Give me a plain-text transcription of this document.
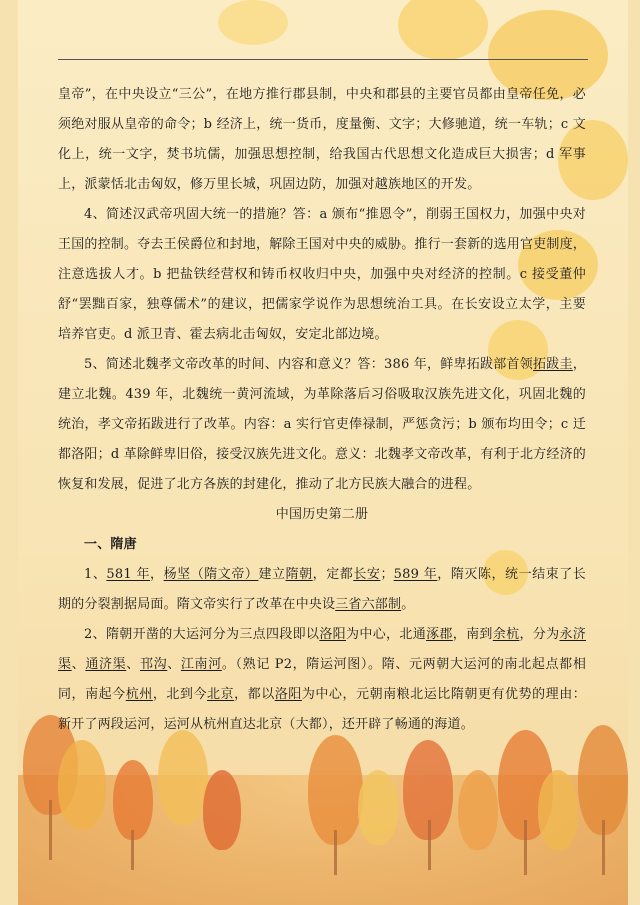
皇帝”，在中央设立“三公”，在地方推行郡县制，中央和郡县的主要官员都由皇帝任免，必须绝对服从皇帝的命令；b 经济上，统一货币，度量衡、文字；大修驰道，统一车轨；c 文化上，统一文字，焚书坑儒，加强思想控制，给我国古代思想文化造成巨大损害；d 军事上，派蒙恬北击匈奴，修万里长城，巩固边防，加强对越族地区的开发。

4、简述汉武帝巩固大统一的措施？答：a 颁布“推恩令”，削弱王国权力，加强中央对王国的控制。夺去王侯爵位和封地，解除王国对中央的威胁。推行一套新的选用官吏制度，注意选拔人才。b 把盐铁经营权和铸币权收归中央，加强中央对经济的控制。c 接受董仲舒“罢黜百家，独尊儒术”的建议，把儒家学说作为思想统治工具。在长安设立太学，主要培养官吏。d 派卫青、霍去病北击匈奴，安定北部边境。

5、简述北魏孝文帝改革的时间、内容和意义？答：386 年，鲜卑拓跋部首领拓跋圭，建立北魏。439 年，北魏统一黄河流域，为革除落后习俗吸取汉族先进文化，巩固北魏的统治，孝文帝拓跋进行了改革。内容：a 实行官吏俸禄制，严惩贪污；b 颁布均田令；c 迁都洛阳；d 革除鲜卑旧俗，接受汉族先进文化。意义：北魏孝文帝改革，有利于北方经济的恢复和发展，促进了北方各族的封建化，推动了北方民族大融合的进程。

中国历史第二册

一、隋唐

1、581 年，杨坚（隋文帝）建立隋朝，定都长安；589 年，隋灭陈，统一结束了长期的分裂割据局面。隋文帝实行了改革在中央设三省六部制。

2、隋朝开凿的大运河分为三点四段即以洛阳为中心，北通涿郡，南到余杭，分为永济渠、通济渠、邗沟、江南河。（熟记 P2，隋运河图）。隋、元两朝大运河的南北起点都相同，南起今杭州，北到今北京，都以洛阳为中心，元朝南粮北运比隋朝更有优势的理由：新开了两段运河，运河从杭州直达北京（大都），还开辟了畅通的海道。
